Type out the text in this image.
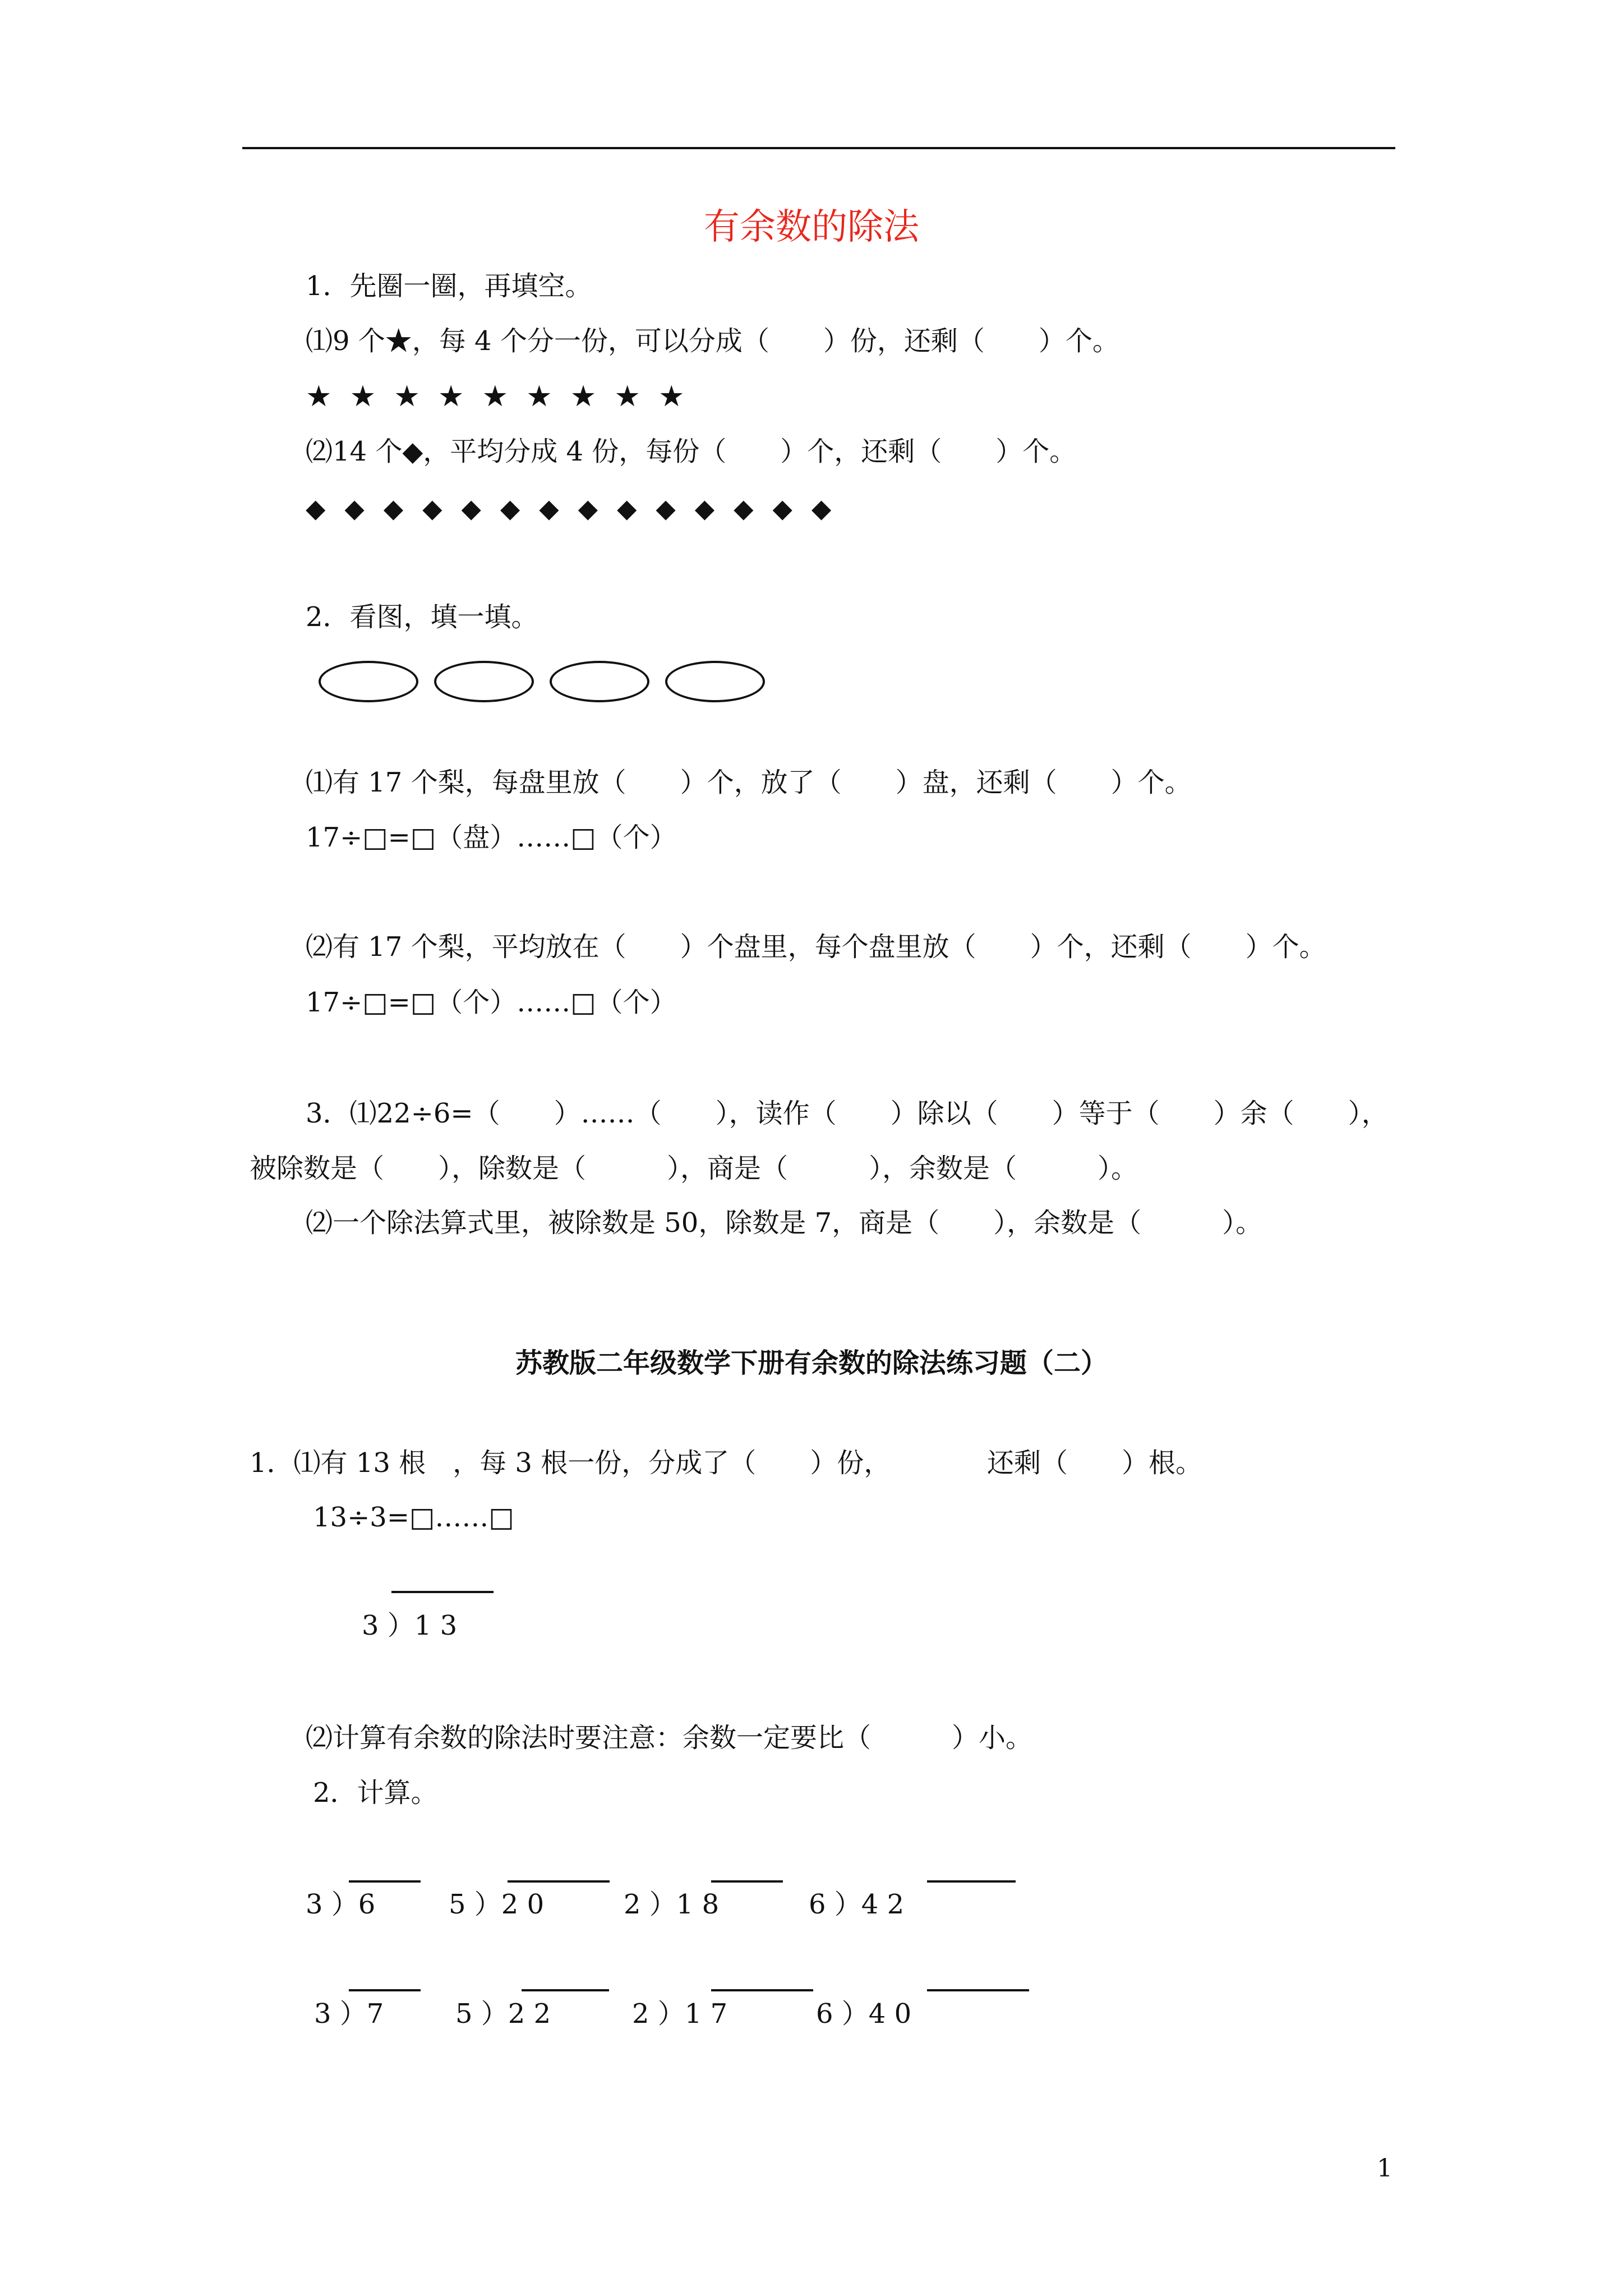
有余数的除法
1．先圈一圈，再填空。
⑴9 个★，每 4 个分一份，可以分成（　　）份，还剩（　　）个。
★★★★★★★★★
⑵14 个◆，平均分成 4 份，每份（　　）个，还剩（　　）个。
◆◆◆◆◆◆◆◆◆◆◆◆◆◆
2．看图，填一填。
⑴有 17 个梨，每盘里放（　　）个，放了（　　）盘，还剩（　　）个。
17÷□=□（盘）……□（个）
⑵有 17 个梨，平均放在（　　）个盘里，每个盘里放（　　）个，还剩（　　）个。
17÷□=□（个）……□（个）
3．⑴22÷6=（　　）……（　　），读作（　　）除以（　　）等于（　　）余（　　），
被除数是（　　），除数是（　　　），商是（　　　），余数是（　　　）。
⑵一个除法算式里，被除数是 50，除数是 7，商是（　　），余数是（　　　）。
苏教版二年级数学下册有余数的除法练习题（二）
1．⑴有 13 根　，每 3 根一份，分成了（　　）份，	还剩（　　）根。
13÷3=□……□
3 ）1 3
⑵计算有余数的除法时要注意：余数一定要比（　　　）小。
2．计算。
3 ）6	5 ）2 0	2 ）1 8	6 ）4 2
3 ）7	5 ）2 2	2 ）1 7	6 ）4 0
1
